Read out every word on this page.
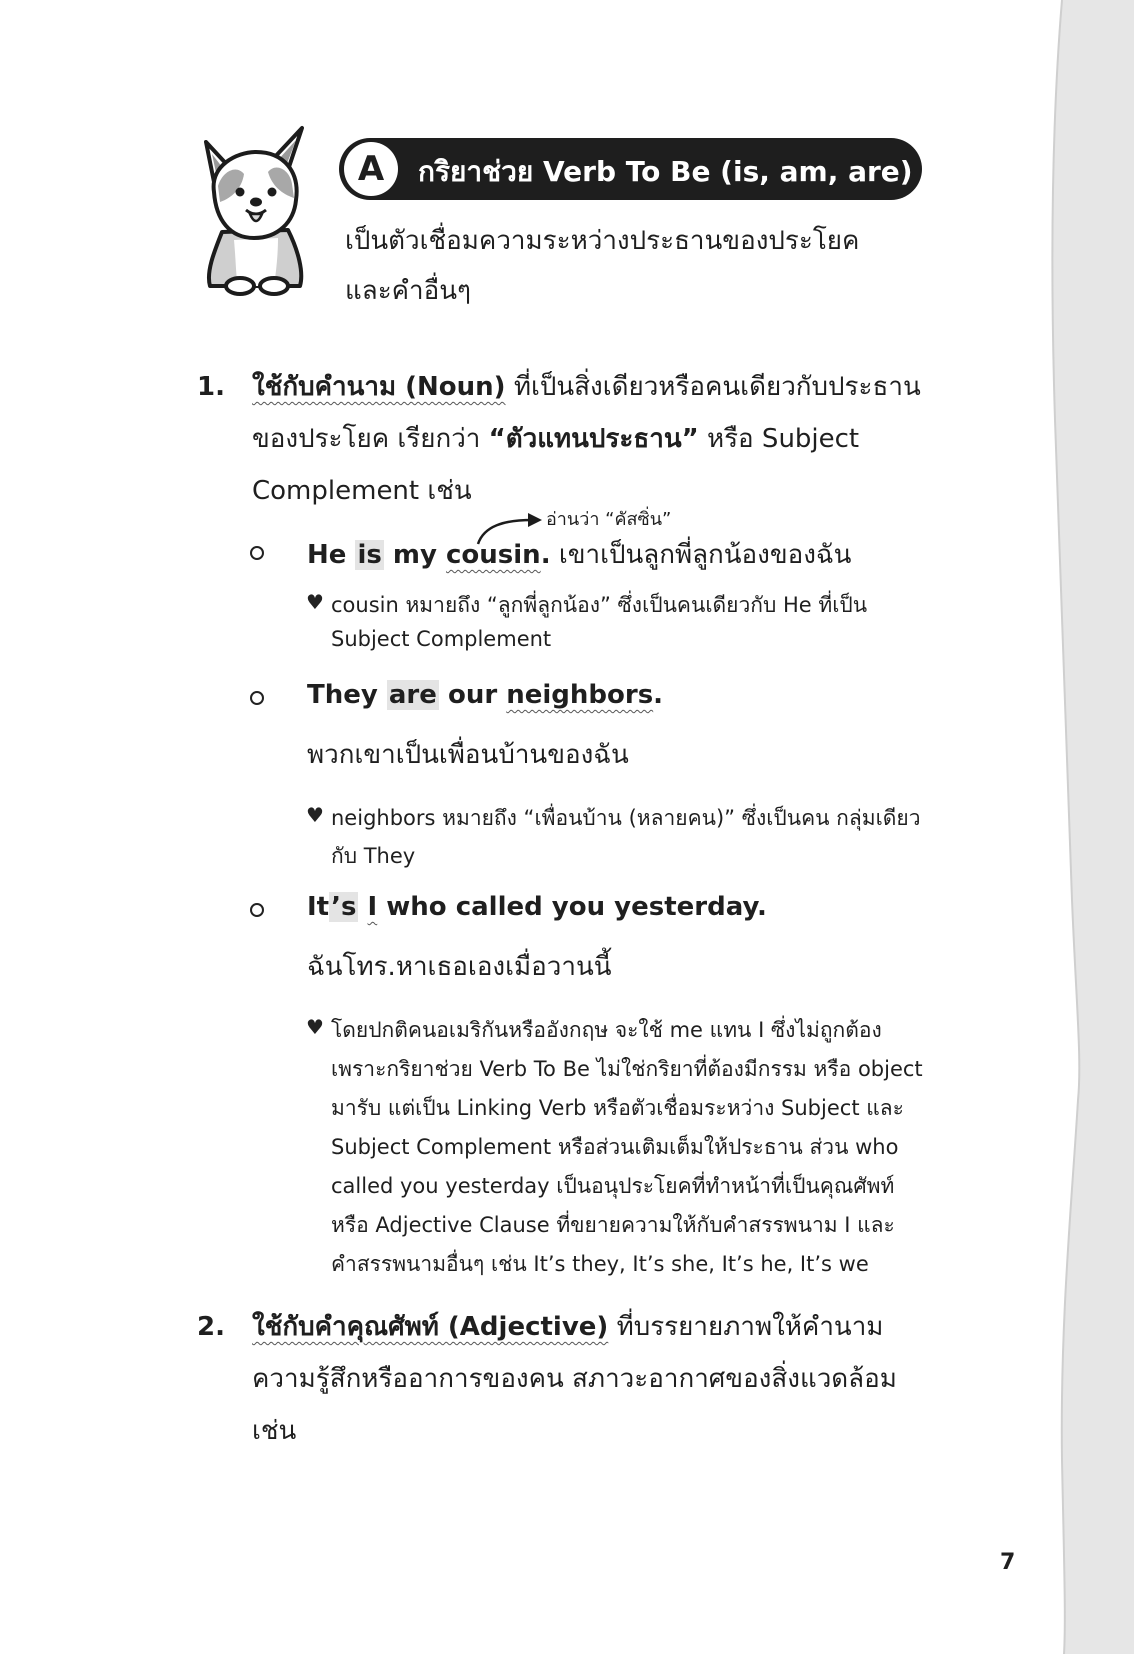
A	กริยาช่วย Verb To Be (is, am, are)
เป็นตัวเชื่อมความระหว่างประธานของประโยค
และคำอื่นๆ
1. ใช้กับคำนาม (Noun) ที่เป็นสิ่งเดียวหรือคนเดียวกับประธาน
ของประโยค เรียกว่า “ตัวแทนประธาน” หรือ Subject
Complement เช่น
อ่านว่า “คัสซิ่น”
He is my cousin. เขาเป็นลูกพี่ลูกน้องของฉัน
♥ cousin หมายถึง “ลูกพี่ลูกน้อง” ซึ่งเป็นคนเดียวกับ He ที่เป็น
Subject Complement
They are our neighbors.
พวกเขาเป็นเพื่อนบ้านของฉัน
♥ neighbors หมายถึง “เพื่อนบ้าน (หลายคน)” ซึ่งเป็นคน กลุ่มเดียว
กับ They
It’s I who called you yesterday.
ฉันโทร.หาเธอเองเมื่อวานนี้
♥ โดยปกติคนอเมริกันหรืออังกฤษ จะใช้ me แทน I ซึ่งไม่ถูกต้อง
เพราะกริยาช่วย Verb To Be ไม่ใช่กริยาที่ต้องมีกรรม หรือ object
มารับ แต่เป็น Linking Verb หรือตัวเชื่อมระหว่าง Subject และ
Subject Complement หรือส่วนเติมเต็มให้ประธาน ส่วน who
called you yesterday เป็นอนุประโยคที่ทำหน้าที่เป็นคุณศัพท์
หรือ Adjective Clause ที่ขยายความให้กับคำสรรพนาม I และ
คำสรรพนามอื่นๆ เช่น It’s they, It’s she, It’s he, It’s we
2. ใช้กับคำคุณศัพท์ (Adjective) ที่บรรยายภาพให้คำนาม
ความรู้สึกหรืออาการของคน สภาวะอากาศของสิ่งแวดล้อม
เช่น
7
